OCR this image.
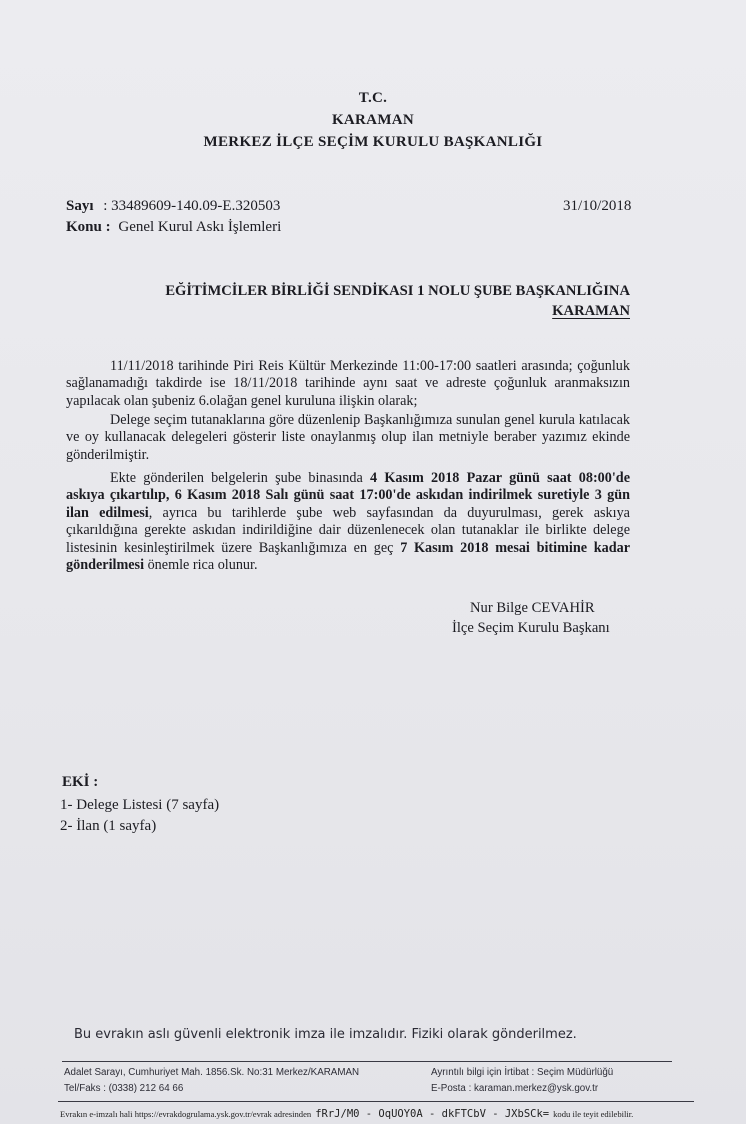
T.C.
KARAMAN
MERKEZ İLÇE SEÇİM KURULU BAŞKANLIĞI
Sayı : 33489609-140.09-E.320503	31/10/2018
Konu : Genel Kurul Askı İşlemleri
EĞİTİMCİLER BİRLİĞİ SENDİKASI 1 NOLU ŞUBE BAŞKANLIĞINA
KARAMAN
11/11/2018 tarihinde Piri Reis Kültür Merkezinde 11:00-17:00 saatleri arasında; çoğunluk sağlanamadığı takdirde ise 18/11/2018 tarihinde aynı saat ve adreste çoğunluk aranmaksızın yapılacak olan şubeniz 6.olağan genel kuruluna ilişkin olarak;
Delege seçim tutanaklarına göre düzenlenip Başkanlığımıza sunulan genel kurula katılacak ve oy kullanacak delegeleri gösterir liste onaylanmış olup ilan metniyle beraber yazımız ekinde gönderilmiştir.
Ekte gönderilen belgelerin şube binasında 4 Kasım 2018 Pazar günü saat 08:00'de askıya çıkartılıp, 6 Kasım 2018 Salı günü saat 17:00'de askıdan indirilmek suretiyle 3 gün ilan edilmesi, ayrıca bu tarihlerde şube web sayfasından da duyurulması, gerek askıya çıkarıldığına gerekte askıdan indirildiğine dair düzenlenecek olan tutanaklar ile birlikte delege listesinin kesinleştirilmek üzere Başkanlığımıza en geç 7 Kasım 2018 mesai bitimine kadar gönderilmesi önemle rica olunur.
Nur Bilge CEVAHİR
İlçe Seçim Kurulu Başkanı
EKİ :
1- Delege Listesi (7 sayfa)
2- İlan (1 sayfa)
Bu evrakın aslı güvenli elektronik imza ile imzalıdır. Fiziki olarak gönderilmez.
Adalet Sarayı, Cumhuriyet Mah. 1856.Sk. No:31 Merkez/KARAMAN
Tel/Faks : (0338) 212 64 66
Ayrıntılı bilgi için İrtibat : Seçim Müdürlüğü
E-Posta : karaman.merkez@ysk.gov.tr
Evrakın e-imzalı hali https://evrakdogrulama.ysk.gov.tr/evrak adresinden fRrJ/M0 - OqUOY0A - dkFTCbV - JXbSCk= kodu ile teyit edilebilir.
